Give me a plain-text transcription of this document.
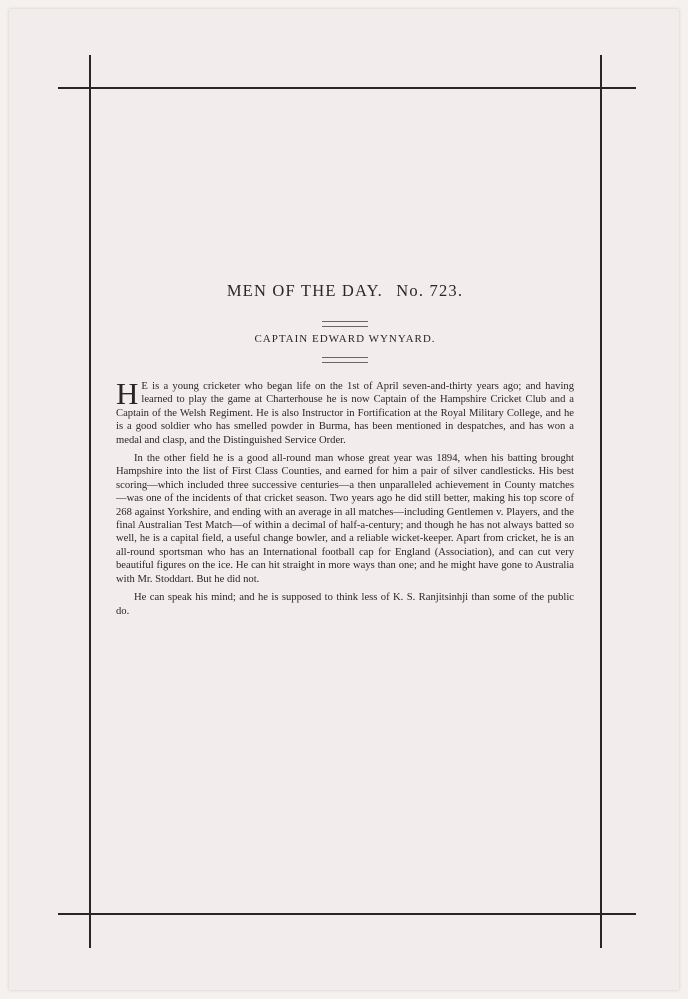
MEN OF THE DAY. No. 723.
CAPTAIN EDWARD WYNYARD.

H E is a young cricketer who began life on the 1st of April seven-and-thirty years ago; and having learned to play the game at Charterhouse he is now Captain of the Hampshire Cricket Club and a Captain of the Welsh Regiment. He is also Instructor in Fortification at the Royal Military College, and he is a good soldier who has smelled powder in Burma, has been mentioned in despatches, and has won a medal and clasp, and the Distinguished Service Order.

In the other field he is a good all-round man whose great year was 1894, when his batting brought Hampshire into the list of First Class Counties, and earned for him a pair of silver candlesticks. His best scoring—which included three successive centuries—a then unparalleled achievement in County matches—was one of the incidents of that cricket season. Two years ago he did still better, making his top score of 268 against Yorkshire, and ending with an average in all matches—including Gentlemen v. Players, and the final Australian Test Match—of within a decimal of half-a-century; and though he has not always batted so well, he is a capital field, a useful change bowler, and a reliable wicket-keeper. Apart from cricket, he is an all-round sportsman who has an International football cap for England (Association), and can cut very beautiful figures on the ice. He can hit straight in more ways than one; and he might have gone to Australia with Mr. Stoddart. But he did not.

He can speak his mind; and he is supposed to think less of K. S. Ranjitsinhji than some of the public do.
